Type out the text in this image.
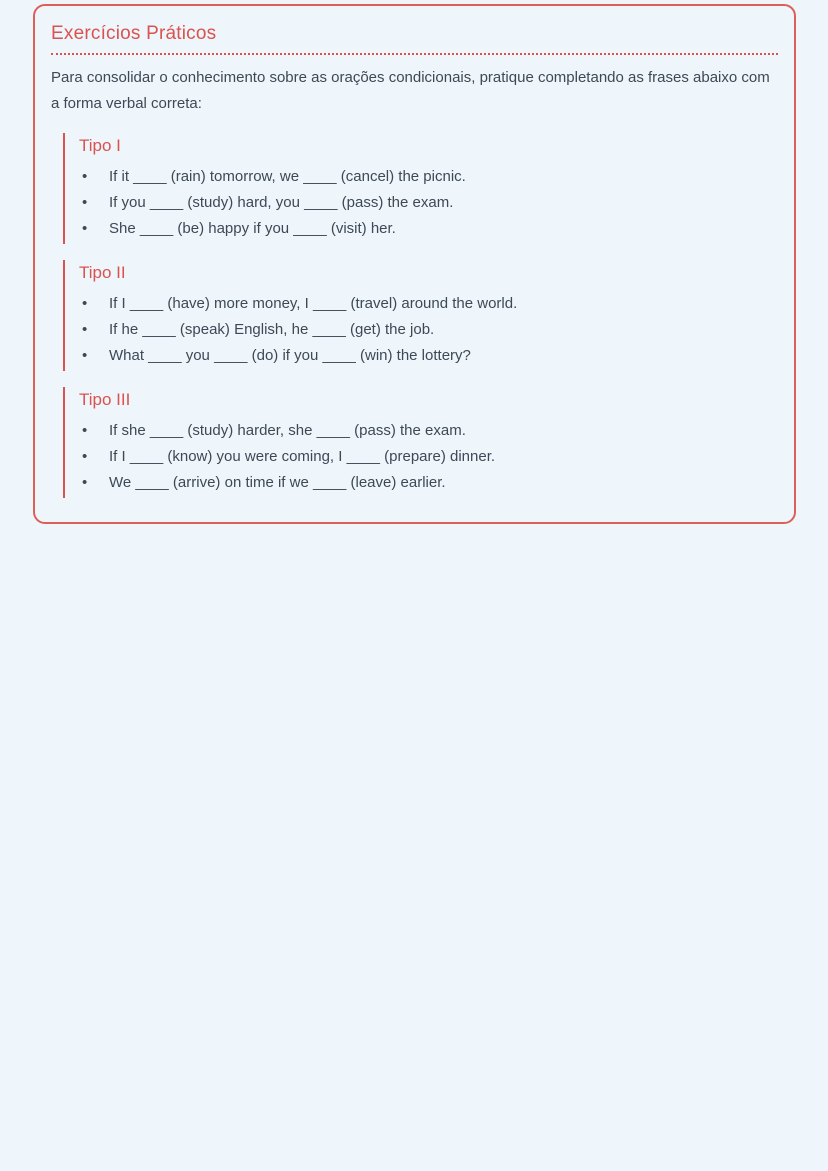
Exercícios Práticos

Para consolidar o conhecimento sobre as orações condicionais, pratique completando as frases abaixo com a forma verbal correta:

Tipo I
• If it ____ (rain) tomorrow, we ____ (cancel) the picnic.
• If you ____ (study) hard, you ____ (pass) the exam.
• She ____ (be) happy if you ____ (visit) her.
Tipo II
• If I ____ (have) more money, I ____ (travel) around the world.
• If he ____ (speak) English, he ____ (get) the job.
• What ____ you ____ (do) if you ____ (win) the lottery?
Tipo III
• If she ____ (study) harder, she ____ (pass) the exam.
• If I ____ (know) you were coming, I ____ (prepare) dinner.
• We ____ (arrive) on time if we ____ (leave) earlier.
